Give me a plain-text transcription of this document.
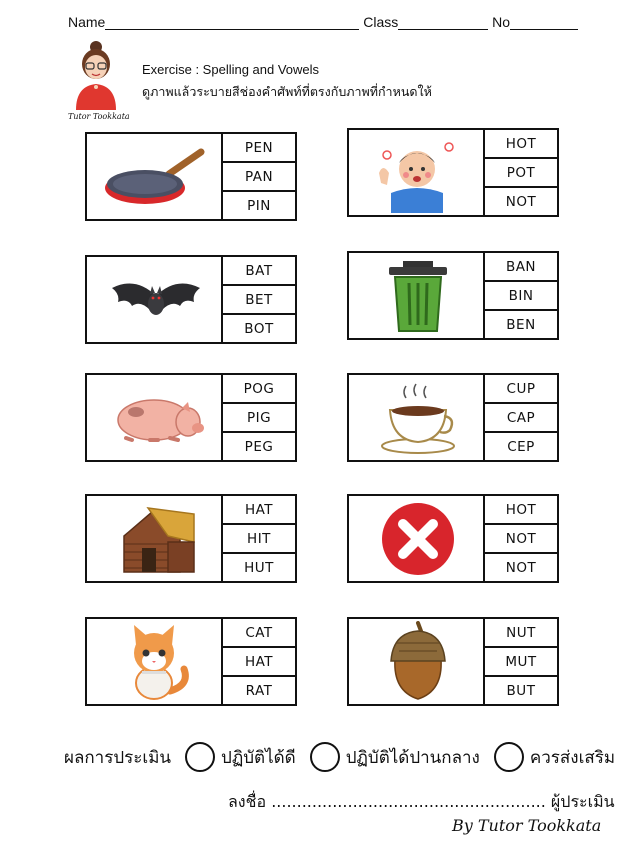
Name	Class	No
Tutor Tookkata
Exercise : Spelling and Vowels
ดูภาพแล้วระบายสีช่องคำศัพท์ที่ตรงกับภาพที่กำหนดให้
PEN
PAN
PIN
HOT
POT
NOT
BAT
BET
BOT
BAN
BIN
BEN
POG
PIG
PEG
CUP
CAP
CEP
HAT
HIT
HUT
HOT
NOT
NOT
CAT
HAT
RAT
NUT
MUT
BUT
ผลการประเมิน	ปฏิบัติได้ดี	ปฏิบัติได้ปานกลาง	ควรส่งเสริม
ลงชื่อ ...................................................... ผู้ประเมิน
By Tutor Tookkata
